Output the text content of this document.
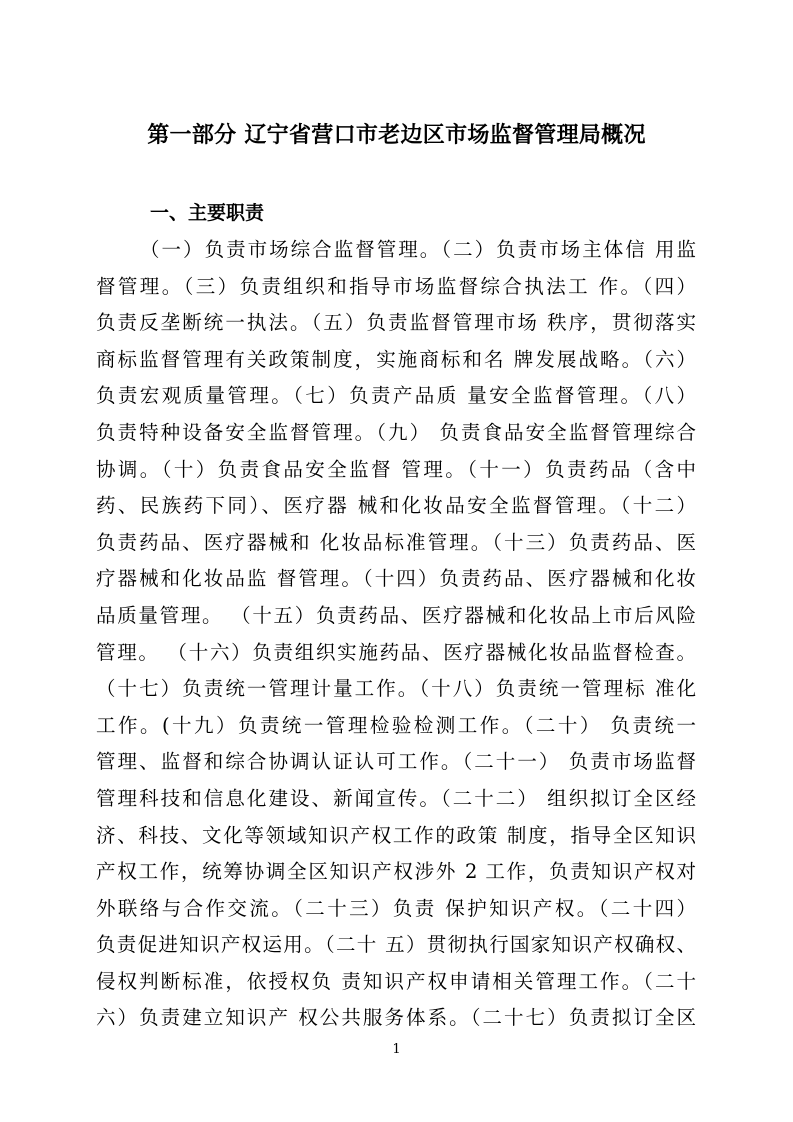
第一部分 辽宁省营口市老边区市场监督管理局概况
一、主要职责
（一）负责市场综合监督管理。（二）负责市场主体信 用监
督管理。（三）负责组织和指导市场监督综合执法工 作。（四）
负责反垄断统一执法。（五）负责监督管理市场 秩序，贯彻落实
商标监督管理有关政策制度，实施商标和名 牌发展战略。（六）
负责宏观质量管理。（七）负责产品质 量安全监督管理。（八）
负责特种设备安全监督管理。（九） 负责食品安全监督管理综合
协调。（十）负责食品安全监督 管理。（十一）负责药品（含中
药、民族药下同）、医疗器 械和化妆品安全监督管理。（十二）
负责药品、医疗器械和 化妆品标准管理。（十三）负责药品、医
疗器械和化妆品监 督管理。（十四）负责药品、医疗器械和化妆
品质量管理。 （十五）负责药品、医疗器械和化妆品上市后风险
管理。 （十六）负责组织实施药品、医疗器械化妆品监督检查。
（十七）负责统一管理计量工作。（十八）负责统一管理标 准化
工作。(十九）负责统一管理检验检测工作。（二十） 负责统一
管理、监督和综合协调认证认可工作。（二十一） 负责市场监督
管理科技和信息化建设、新闻宣传。（二十二） 组织拟订全区经
济、科技、文化等领域知识产权工作的政策 制度，指导全区知识
产权工作，统筹协调全区知识产权涉外 2 工作，负责知识产权对
外联络与合作交流。（二十三）负责 保护知识产权。（二十四）
负责促进知识产权运用。（二十 五）贯彻执行国家知识产权确权、
侵权判断标准，依授权负 责知识产权申请相关管理工作。（二十
六）负责建立知识产 权公共服务体系。（二十七）负责拟订全区
1
